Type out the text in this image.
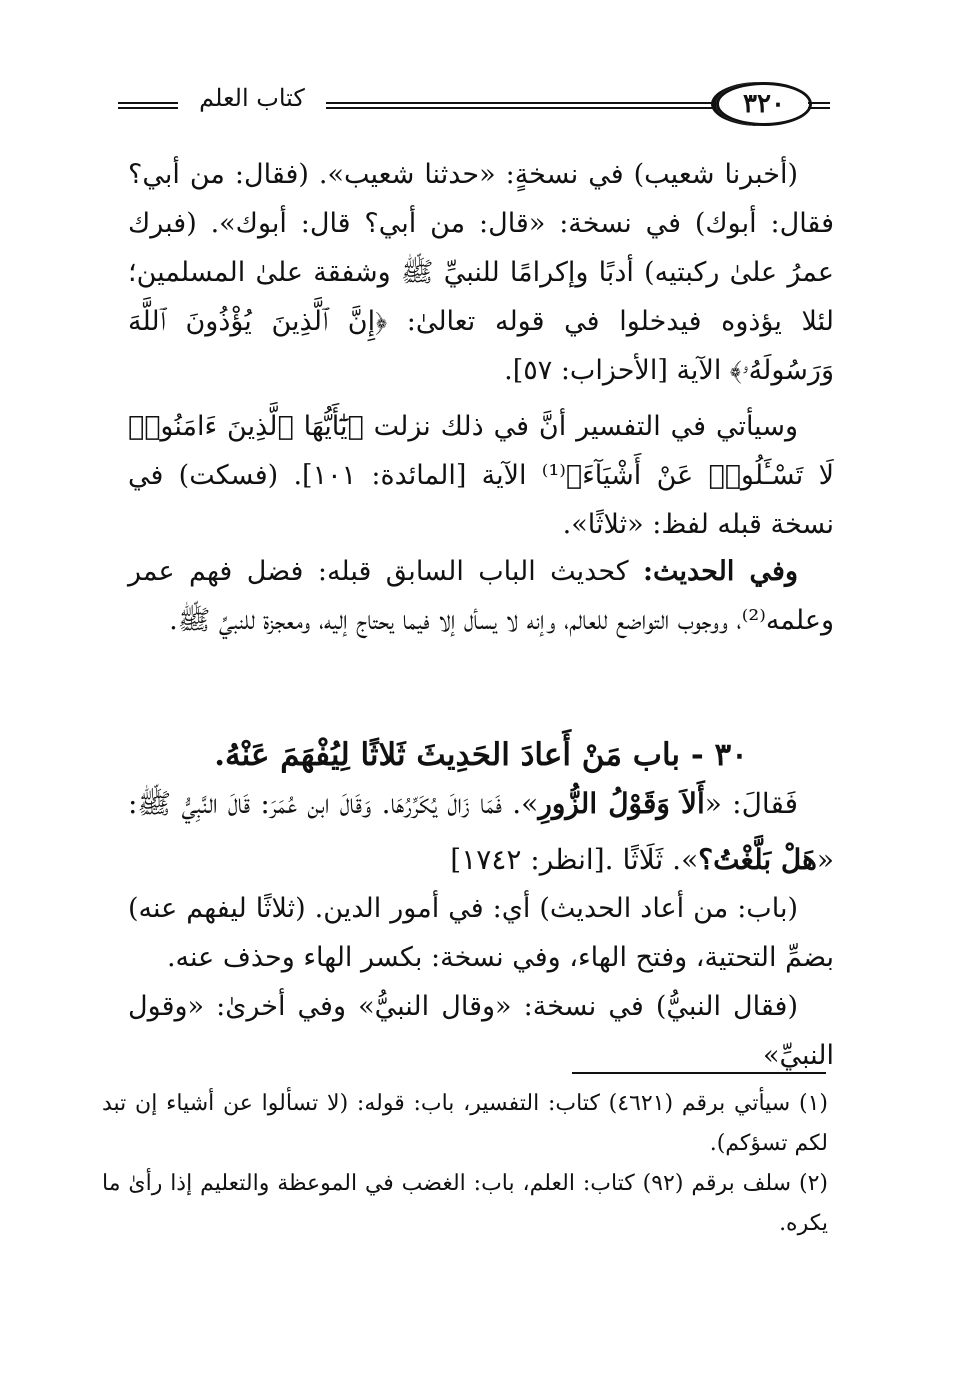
كتاب العلم	٣٢٠

(أخبرنا شعيب) في نسخةٍ: «حدثنا شعيب». (فقال: من أبي؟ فقال: أبوك) في نسخة: «قال: من أبي؟ قال: أبوك». (فبرك عمرُ علىٰ ركبتيه) أدبًا وإكرامًا للنبيِّ ﷺ وشفقة علىٰ المسلمين؛ لئلا يؤذوه فيدخلوا في قوله تعالىٰ: ﴿إِنَّ ٱلَّذِينَ يُؤْذُونَ ٱللَّهَ وَرَسُولَهُۥ﴾ الآية [الأحزاب: ٥٧].

وسيأتي في التفسير أنَّ في ذلك نزلت ﴿يَٰٓأَيُّهَا ٱلَّذِينَ ءَامَنُوا۟ لَا تَسْـَٔلُوا۟ عَنْ أَشْيَآءَ﴾⁽¹⁾ الآية [المائدة: ١٠١]. (فسكت) في نسخة قبله لفظ: «ثلاثًا».

وفي الحديث: كحديث الباب السابق قبله: فضل فهم عمر وعلمه⁽²⁾، ووجوب التواضع للعالم، وإنه لا يسأل إلا فيما يحتاج إليه، ومعجزة للنبيِّ ﷺ.

٣٠ - باب مَنْ أَعادَ الحَدِيثَ ثَلاثًا لِيُفْهَمَ عَنْهُ.

فَقالَ: «أَلاَ وَقَوْلُ الزُّورِ». فَمَا زَالَ يُكَرِّرُهَا. وَقَالَ ابن عُمَرَ: قَالَ النَّبِيُّ ﷺ: «هَلْ بَلَّغْتُ؟». ثَلَاثًا .[انظر: ١٧٤٢]

(باب: من أعاد الحديث) أي: في أمور الدين. (ثلاثًا ليفهم عنه) بضمِّ التحتية، وفتح الهاء، وفي نسخة: بكسر الهاء وحذف عنه.

(فقال النبيُّ) في نسخة: «وقال النبيُّ» وفي أخرىٰ: «وقول النبيِّ»

(١) سيأتي برقم (٤٦٢١) كتاب: التفسير، باب: قوله: (لا تسألوا عن أشياء إن تبد لكم تسؤكم).

(٢) سلف برقم (٩٢) كتاب: العلم، باب: الغضب في الموعظة والتعليم إذا رأىٰ ما يكره.
